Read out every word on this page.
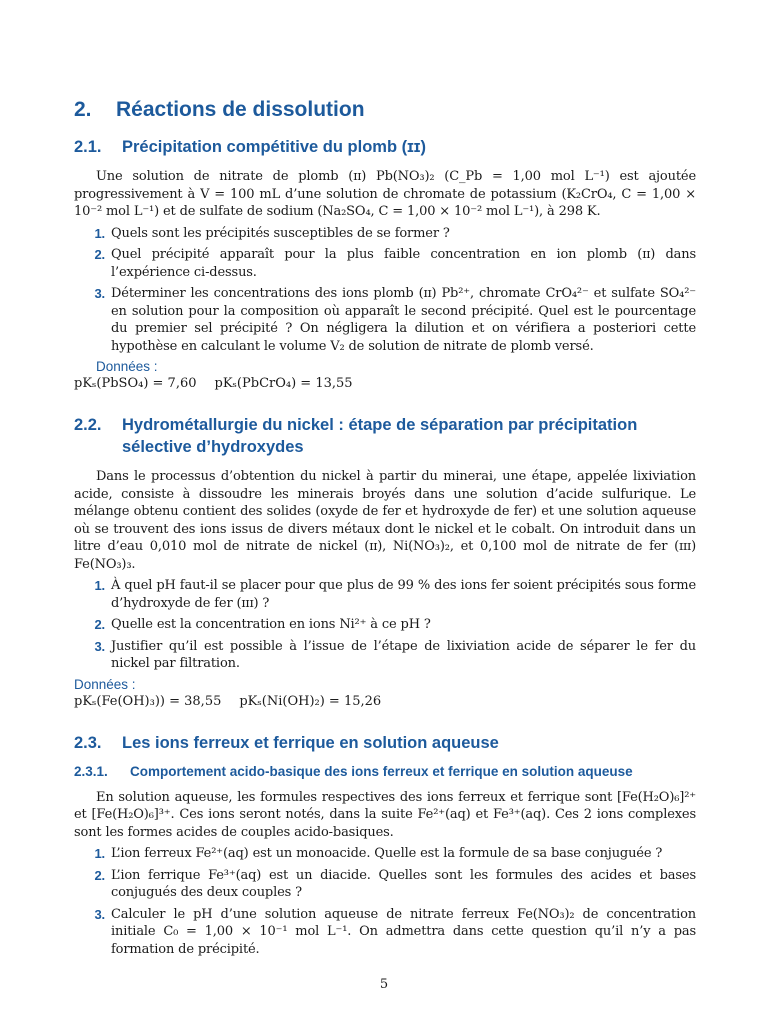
2.	Réactions de dissolution
2.1.	Précipitation compétitive du plomb (ɪɪ)

Une solution de nitrate de plomb (ɪɪ) Pb(NO₃)₂ (C_Pb = 1,00 mol L⁻¹) est ajoutée progressivement à V = 100 mL d’une solution de chromate de potassium (K₂CrO₄, C = 1,00 × 10⁻² mol L⁻¹) et de sulfate de sodium (Na₂SO₄, C = 1,00 × 10⁻² mol L⁻¹), à 298 K.

1. Quels sont les précipités susceptibles de se former ?
2. Quel précipité apparaît pour la plus faible concentration en ion plomb (ɪɪ) dans l’expérience ci-dessus.
3. Déterminer les concentrations des ions plomb (ɪɪ) Pb²⁺, chromate CrO₄²⁻ et sulfate SO₄²⁻ en solution pour la composition où apparaît le second précipité. Quel est le pourcentage du premier sel précipité ? On négligera la dilution et on vérifiera a posteriori cette hypothèse en calculant le volume V₂ de solution de nitrate de plomb versé.
Données :
pKₛ(PbSO₄) = 7,60 pKₛ(PbCrO₄) = 13,55
2.2.	Hydrométallurgie du nickel : étape de séparation par précipitation sélective d’hydroxydes

Dans le processus d’obtention du nickel à partir du minerai, une étape, appelée lixiviation acide, consiste à dissoudre les minerais broyés dans une solution d’acide sulfurique. Le mélange obtenu contient des solides (oxyde de fer et hydroxyde de fer) et une solution aqueuse où se trouvent des ions issus de divers métaux dont le nickel et le cobalt. On introduit dans un litre d’eau 0,010 mol de nitrate de nickel (ɪɪ), Ni(NO₃)₂, et 0,100 mol de nitrate de fer (ɪɪɪ) Fe(NO₃)₃.

1. À quel pH faut-il se placer pour que plus de 99 % des ions fer soient précipités sous forme d’hydroxyde de fer (ɪɪɪ) ?
2. Quelle est la concentration en ions Ni²⁺ à ce pH ?
3. Justifier qu’il est possible à l’issue de l’étape de lixiviation acide de séparer le fer du nickel par filtration.
Données :
pKₛ(Fe(OH)₃)) = 38,55 pKₛ(Ni(OH)₂) = 15,26
2.3.	Les ions ferreux et ferrique en solution aqueuse
2.3.1.	Comportement acido-basique des ions ferreux et ferrique en solution aqueuse

En solution aqueuse, les formules respectives des ions ferreux et ferrique sont [Fe(H₂O)₆]²⁺ et [Fe(H₂O)₆]³⁺. Ces ions seront notés, dans la suite Fe²⁺(aq) et Fe³⁺(aq). Ces 2 ions complexes sont les formes acides de couples acido-basiques.

1. L’ion ferreux Fe²⁺(aq) est un monoacide. Quelle est la formule de sa base conjuguée ?
2. L’ion ferrique Fe³⁺(aq) est un diacide. Quelles sont les formules des acides et bases conjugués des deux couples ?
3. Calculer le pH d’une solution aqueuse de nitrate ferreux Fe(NO₃)₂ de concentration initiale C₀ = 1,00 × 10⁻¹ mol L⁻¹. On admettra dans cette question qu’il n’y a pas formation de précipité.
5
